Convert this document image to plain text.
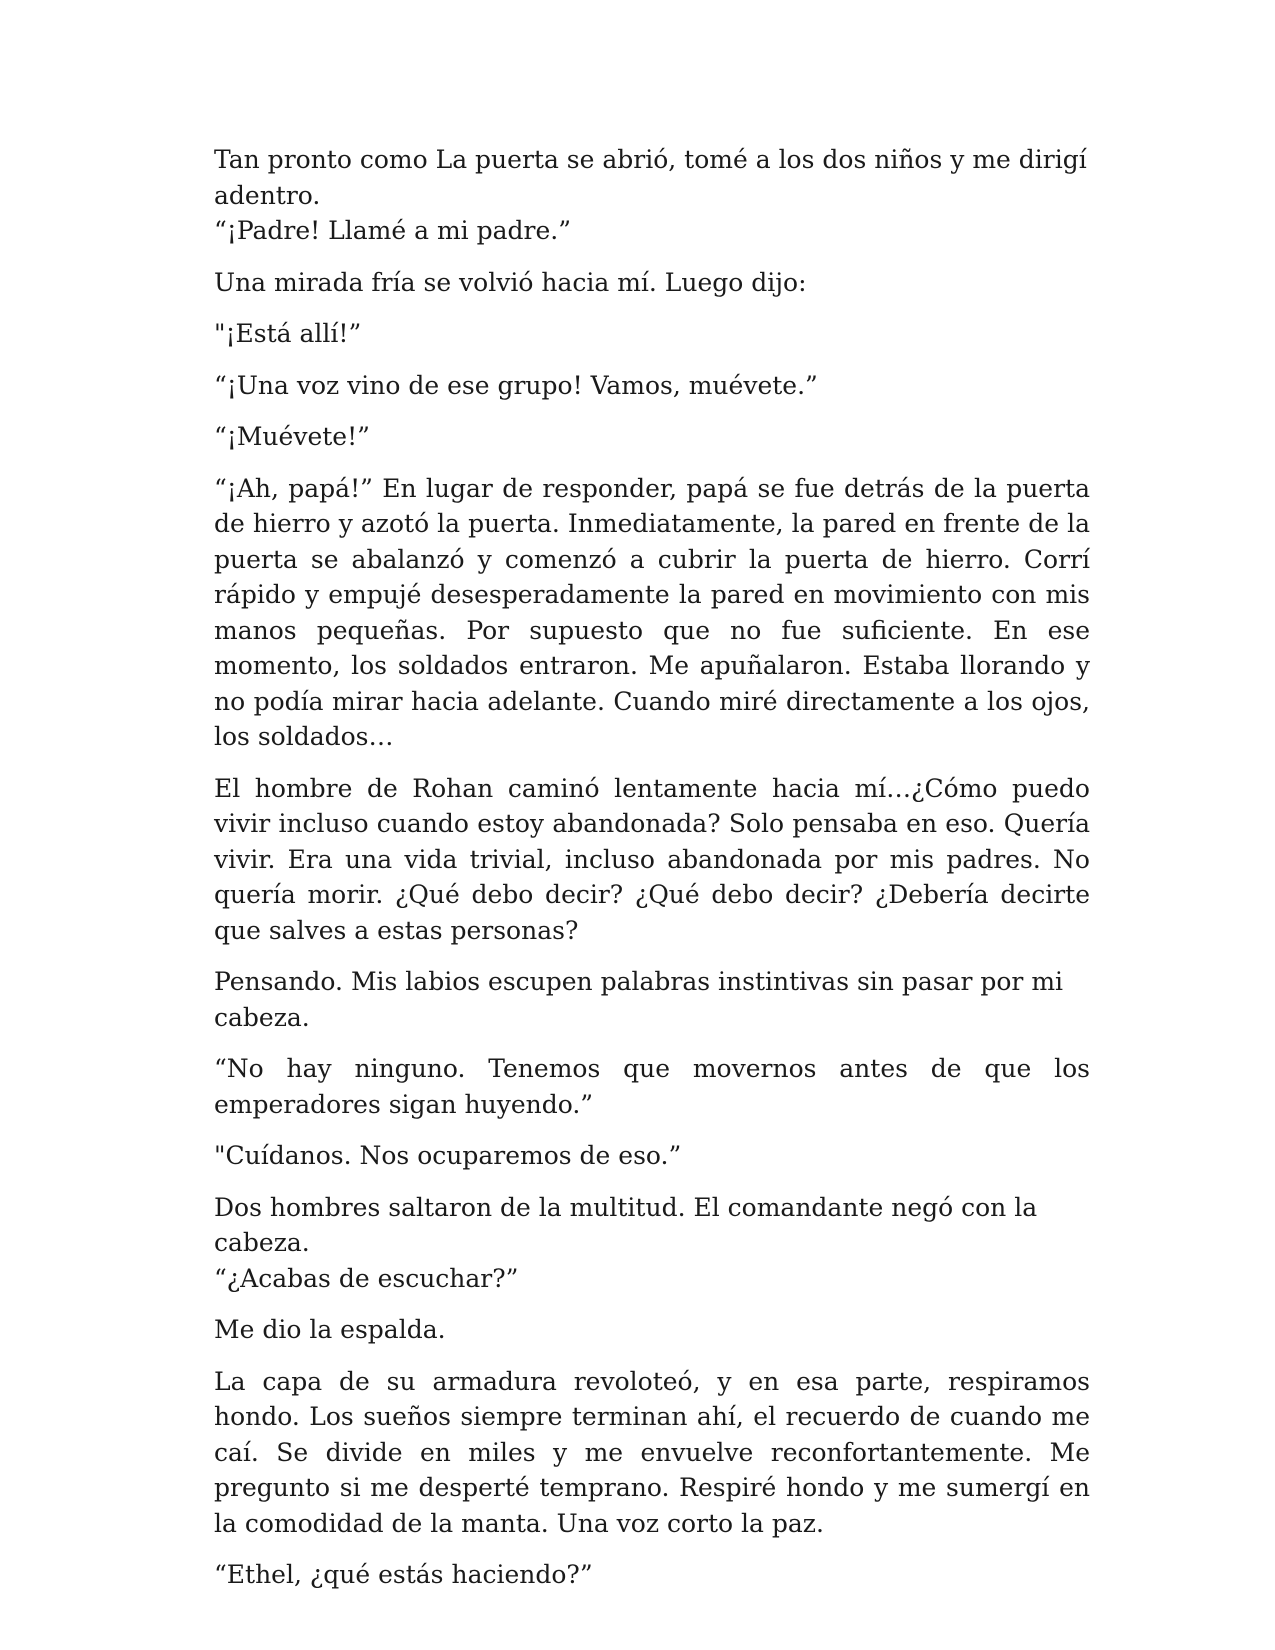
Tan pronto como La puerta se abrió, tomé a los dos niños y me dirigí adentro.
“¡Padre! Llamé a mi padre.”

Una mirada fría se volvió hacia mí. Luego dijo:

"¡Está allí!”

“¡Una voz vino de ese grupo! Vamos, muévete.”

“¡Muévete!”

“¡Ah, papá!” En lugar de responder, papá se fue detrás de la puerta de hierro y azotó la puerta. Inmediatamente, la pared en frente de la puerta se abalanzó y comenzó a cubrir la puerta de hierro. Corrí rápido y empujé desesperadamente la pared en movimiento con mis manos pequeñas. Por supuesto que no fue suficiente. En ese momento, los soldados entraron. Me apuñalaron. Estaba llorando y no podía mirar hacia adelante. Cuando miré directamente a los ojos, los soldados…

El hombre de Rohan caminó lentamente hacia mí…¿Cómo puedo vivir incluso cuando estoy abandonada? Solo pensaba en eso. Quería vivir. Era una vida trivial, incluso abandonada por mis padres. No quería morir. ¿Qué debo decir? ¿Qué debo decir? ¿Debería decirte que salves a estas personas?

Pensando. Mis labios escupen palabras instintivas sin pasar por mi cabeza.

“No hay ninguno. Tenemos que movernos antes de que los emperadores sigan huyendo.”

"Cuídanos. Nos ocuparemos de eso.”

Dos hombres saltaron de la multitud. El comandante negó con la cabeza.
“¿Acabas de escuchar?”

Me dio la espalda.

La capa de su armadura revoloteó, y en esa parte, respiramos hondo. Los sueños siempre terminan ahí, el recuerdo de cuando me caí. Se divide en miles y me envuelve reconfortantemente. Me pregunto si me desperté temprano. Respiré hondo y me sumergí en la comodidad de la manta. Una voz corto la paz.

“Ethel, ¿qué estás haciendo?”
